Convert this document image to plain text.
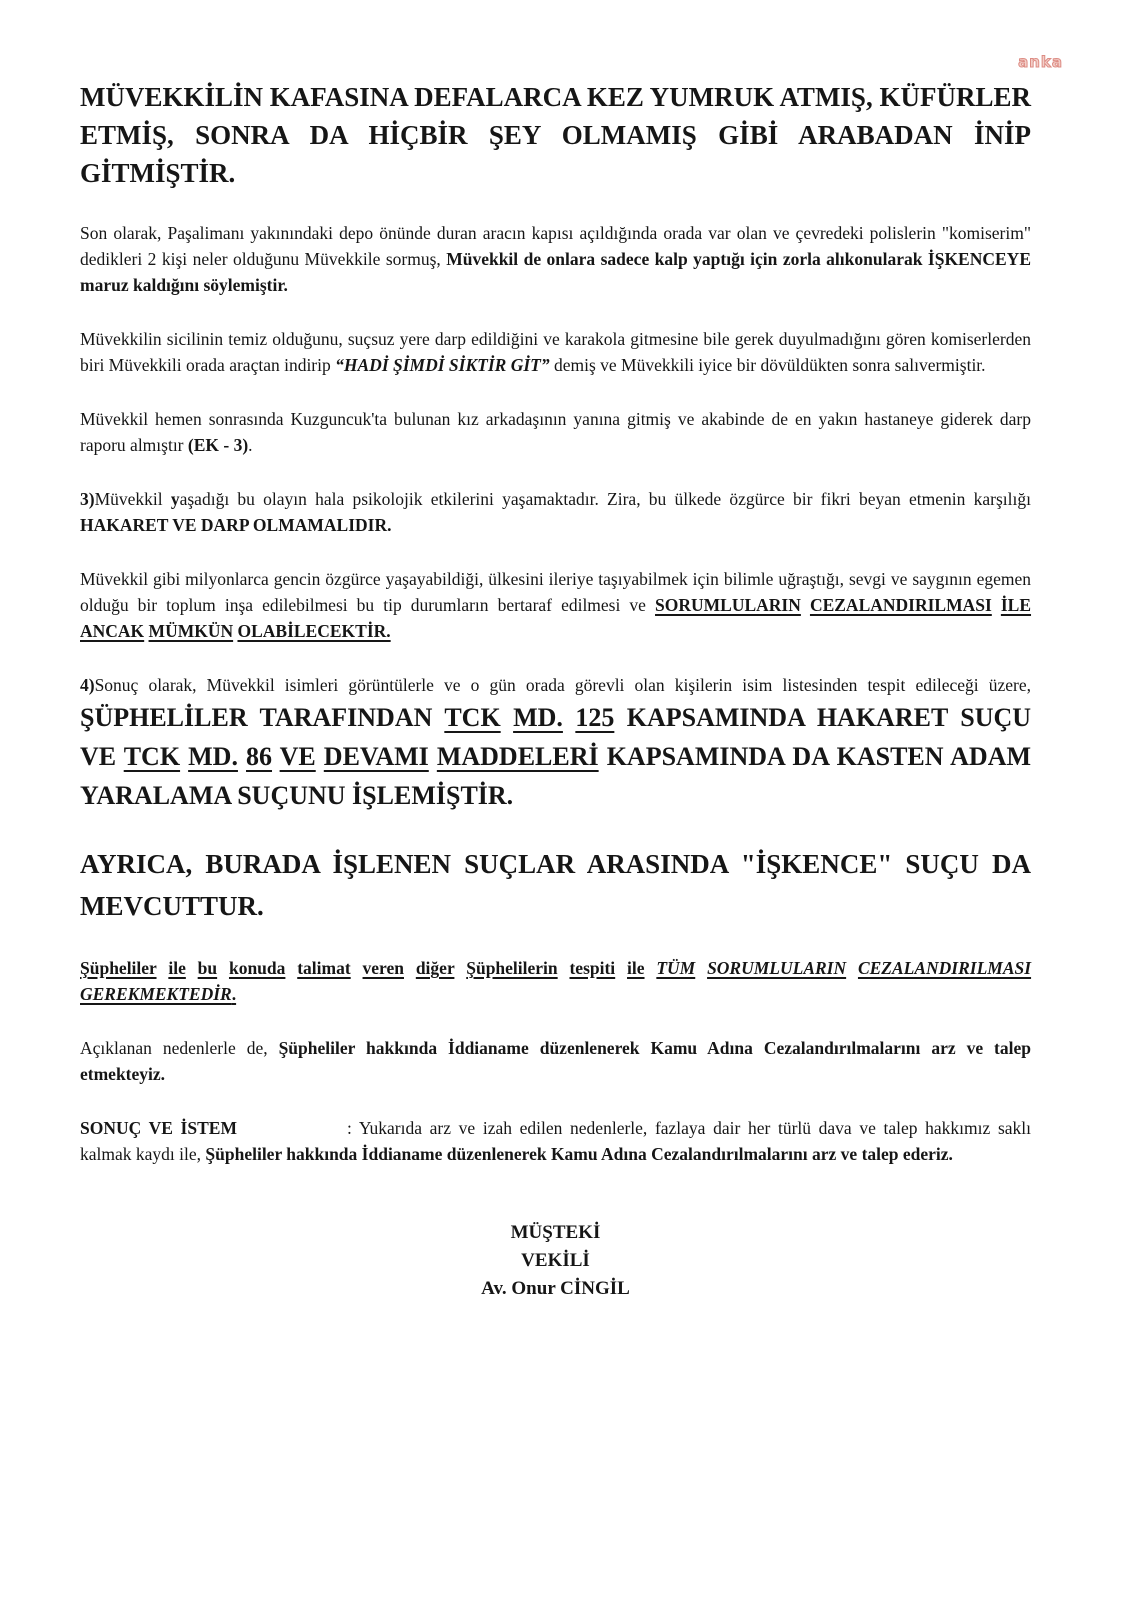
anka

MÜVEKKİLİN KAFASINA DEFALARCA KEZ YUMRUK ATMIŞ, KÜFÜRLER ETMİŞ, SONRA DA HİÇBİR ŞEY OLMAMIŞ GİBİ ARABADAN İNİP GİTMİŞTİR.

Son olarak, Paşalimanı yakınındaki depo önünde duran aracın kapısı açıldığında orada var olan ve çevredeki polislerin "komiserim" dedikleri 2 kişi neler olduğunu Müvekkile sormuş, Müvekkil de onlara sadece kalp yaptığı için zorla alıkonularak İŞKENCEYE maruz kaldığını söylemiştir.

Müvekkilin sicilinin temiz olduğunu, suçsuz yere darp edildiğini ve karakola gitmesine bile gerek duyulmadığını gören komiserlerden biri Müvekkili orada araçtan indirip “HADİ ŞİMDİ SİKTİR GİT” demiş ve Müvekkili iyice bir dövüldükten sonra salıvermiştir.

Müvekkil hemen sonrasında Kuzguncuk'ta bulunan kız arkadaşının yanına gitmiş ve akabinde de en yakın hastaneye giderek darp raporu almıştır (EK - 3).

3)Müvekkil yaşadığı bu olayın hala psikolojik etkilerini yaşamaktadır. Zira, bu ülkede özgürce bir fikri beyan etmenin karşılığı HAKARET VE DARP OLMAMALIDIR.

Müvekkil gibi milyonlarca gencin özgürce yaşayabildiği, ülkesini ileriye taşıyabilmek için bilimle uğraştığı, sevgi ve saygının egemen olduğu bir toplum inşa edilebilmesi bu tip durumların bertaraf edilmesi ve SORUMLULARIN CEZALANDIRILMASI İLE ANCAK MÜMKÜN OLABİLECEKTİR.

4)Sonuç olarak, Müvekkil isimleri görüntülerle ve o gün orada görevli olan kişilerin isim listesinden tespit edileceği üzere, ŞÜPHELİLER TARAFINDAN TCK MD. 125 KAPSAMINDA HAKARET SUÇU VE TCK MD. 86 VE DEVAMI MADDELERİ KAPSAMINDA DA KASTEN ADAM YARALAMA SUÇUNU İŞLEMİŞTİR.

AYRICA, BURADA İŞLENEN SUÇLAR ARASINDA "İŞKENCE" SUÇU DA MEVCUTTUR.

Şüpheliler ile bu konuda talimat veren diğer Şüphelilerin tespiti ile TÜM SORUMLULARIN CEZALANDIRILMASI GEREKMEKTEDİR.

Açıklanan nedenlerle de, Şüpheliler hakkında İddianame düzenlenerek Kamu Adına Cezalandırılmalarını arz ve talep etmekteyiz.

SONUÇ VE İSTEM	: Yukarıda arz ve izah edilen nedenlerle, fazlaya dair her türlü dava ve talep hakkımız saklı kalmak kaydı ile, Şüpheliler hakkında İddianame düzenlenerek Kamu Adına Cezalandırılmalarını arz ve talep ederiz.

MÜŞTEKİ
VEKİLİ
Av. Onur CİNGİL
